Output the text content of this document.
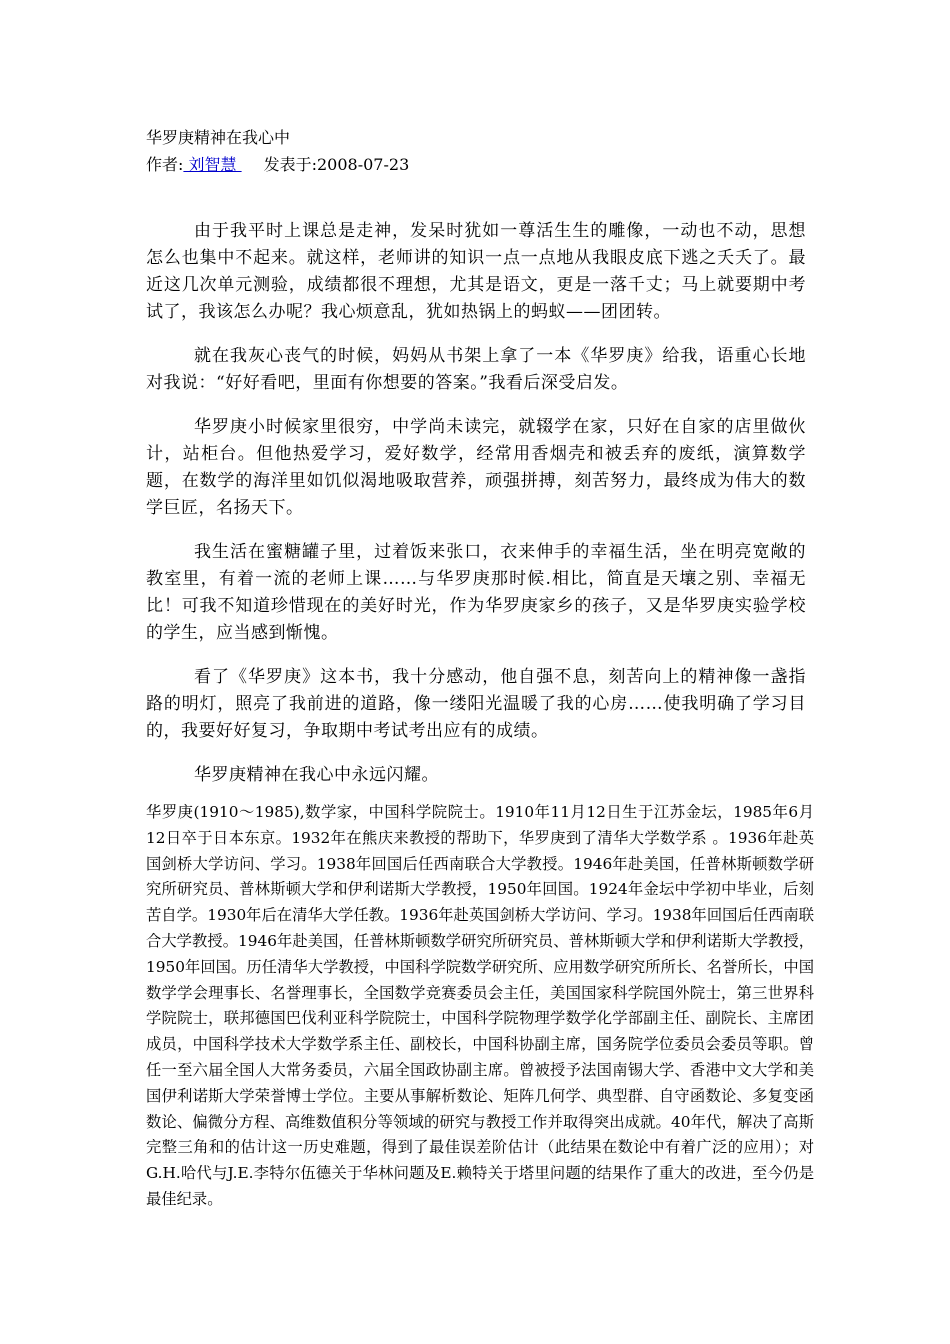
华罗庚精神在我心中
作者: 刘智慧 发表于:2008-07-23

由于我平时上课总是走神，发呆时犹如一尊活生生的雕像，一动也不动，思想怎么也集中不起来。就这样，老师讲的知识一点一点地从我眼皮底下逃之夭夭了。最近这几次单元测验，成绩都很不理想，尤其是语文，更是一落千丈；马上就要期中考试了，我该怎么办呢？我心烦意乱，犹如热锅上的蚂蚁——团团转。

就在我灰心丧气的时候，妈妈从书架上拿了一本《华罗庚》给我，语重心长地对我说：“好好看吧，里面有你想要的答案。”我看后深受启发。

华罗庚小时候家里很穷，中学尚未读完，就辍学在家，只好在自家的店里做伙计，站柜台。但他热爱学习，爱好数学，经常用香烟壳和被丢弃的废纸，演算数学题，在数学的海洋里如饥似渴地吸取营养，顽强拼搏，刻苦努力，最终成为伟大的数学巨匠，名扬天下。

我生活在蜜糖罐子里，过着饭来张口，衣来伸手的幸福生活，坐在明亮宽敞的教室里，有着一流的老师上课……与华罗庚那时候.相比，简直是天壤之别、幸福无比！可我不知道珍惜现在的美好时光，作为华罗庚家乡的孩子，又是华罗庚实验学校的学生，应当感到惭愧。

看了《华罗庚》这本书，我十分感动，他自强不息，刻苦向上的精神像一盏指路的明灯，照亮了我前进的道路，像一缕阳光温暖了我的心房……使我明确了学习目的，我要好好复习，争取期中考试考出应有的成绩。

华罗庚精神在我心中永远闪耀。

华罗庚(1910～1985),数学家，中国科学院院士。1910年11月12日生于江苏金坛，1985年6月12日卒于日本东京。1932年在熊庆来教授的帮助下，华罗庚到了清华大学数学系 。1936年赴英国剑桥大学访问、学习。1938年回国后任西南联合大学教授。1946年赴美国，任普林斯顿数学研究所研究员、普林斯顿大学和伊利诺斯大学教授，1950年回国。1924年金坛中学初中毕业，后刻苦自学。1930年后在清华大学任教。1936年赴英国剑桥大学访问、学习。1938年回国后任西南联合大学教授。1946年赴美国，任普林斯顿数学研究所研究员、普林斯顿大学和伊利诺斯大学教授，1950年回国。历任清华大学教授，中国科学院数学研究所、应用数学研究所所长、名誉所长，中国数学学会理事长、名誉理事长，全国数学竞赛委员会主任，美国国家科学院国外院士，第三世界科学院院士，联邦德国巴伐利亚科学院院士，中国科学院物理学数学化学部副主任、副院长、主席团成员，中国科学技术大学数学系主任、副校长，中国科协副主席，国务院学位委员会委员等职。曾任一至六届全国人大常务委员，六届全国政协副主席。曾被授予法国南锡大学、香港中文大学和美国伊利诺斯大学荣誉博士学位。主要从事解析数论、矩阵几何学、典型群、自守函数论、多复变函数论、偏微分方程、高维数值积分等领域的研究与教授工作并取得突出成就。40年代，解决了高斯完整三角和的估计这一历史难题，得到了最佳误差阶估计（此结果在数论中有着广泛的应用）；对G.H.哈代与J.E.李特尔伍德关于华林问题及E.赖特关于塔里问题的结果作了重大的改进，至今仍是最佳纪录。
